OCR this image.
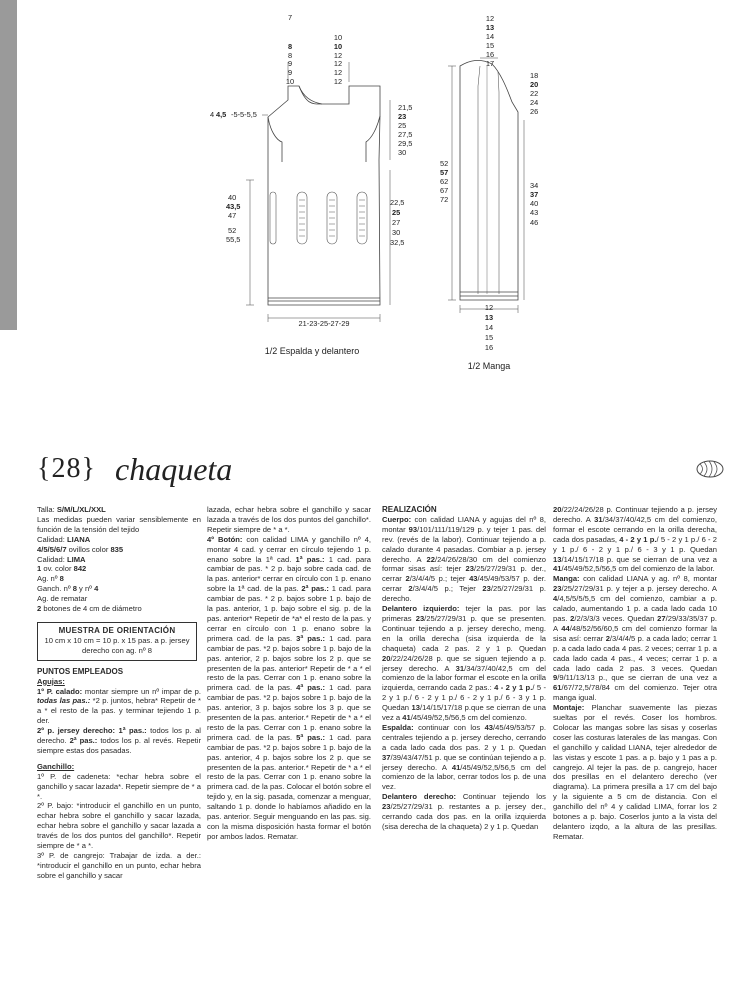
7
8
8
9
9
10
10
10
12
12
12
12
4 4,5 -5-5-5,5
21,5
23
25
27,5
29,5
30
40
43,5
47
52
55,5
22,5
25
27
30
32,5
21-23-25-27-29
1/2 Espalda y delantero
12
13
14
15
16
17
18
20
22
24
26
52
57
62
67
72
34
37
40
43
46
12
13
14
15
16
1/2 Manga
{28} chaqueta

Talla: S/M/L/XL/XXL

Las medidas pueden variar sensiblemente en función de la tensión del tejido

Calidad: LIANA

4/5/5/6/7 ovillos color 835

Calidad: LIMA

1 ov. color 842

Ag. nº 8

Ganch. nº 8 y nº 4

Ag. de rematar

2 botones de 4 cm de diámetro

MUESTRA DE ORIENTACIÓN

10 cm x 10 cm = 10 p. x 15 pas. a p. jersey derecho con ag. nº 8

PUNTOS EMPLEADOS

Agujas:

1º P. calado: montar siempre un nº impar de p. todas las pas.: *2 p. juntos, hebra* Repetir de * a * el resto de la pas. y terminar tejiendo 1 p. der.

2º p. jersey derecho: 1ª pas.: todos los p. al derecho. 2ª pas.: todos los p. al revés. Repetir siempre estas dos pasadas.

Ganchillo:

1º P. de cadeneta: *echar hebra sobre el ganchillo y sacar lazada*. Repetir siempre de * a *.

2º P. bajo: *introducir el ganchillo en un punto, echar hebra sobre el ganchillo y sacar lazada, echar hebra sobre el ganchillo y sacar lazada a través de los dos puntos del ganchillo*. Repetir siempre de * a *.

3º P. de cangrejo: Trabajar de izda. a der.: *introducir el ganchillo en un punto, echar hebra sobre el ganchillo y sacar

lazada, echar hebra sobre el ganchillo y sacar lazada a través de los dos puntos del ganchillo*. Repetir siempre de * a *.

4º Botón: con calidad LIMA y ganchillo nº 4, montar 4 cad. y cerrar en círculo tejiendo 1 p. enano sobre la 1ª cad. 1ª pas.: 1 cad. para cambiar de pas. * 2 p. bajo sobre cada cad. de la pas. anterior* cerrar en círculo con 1 p. enano sobre la 1ª cad. de la pas. 2ª pas.: 1 cad. para cambiar de pas. * 2 p. bajos sobre 1 p. bajo de la pas. anterior, 1 p. bajo sobre el sig. p. de la pas. anterior* Repetir de *a* el resto de la pas. y cerrar en círculo con 1 p. enano sobre la primera cad. de la pas. 3ª pas.: 1 cad. para cambiar de pas. *2 p. bajos sobre 1 p. bajo de la pas. anterior, 2 p. bajos sobre los 2 p. que se presenten de la pas. anterior* Repetir de * a * el resto de la pas. Cerrar con 1 p. enano sobre la primera cad. de la pas. 4ª pas.: 1 cad. para cambiar de pas. *2 p. bajos sobre 1 p. bajo de la pas. anterior, 3 p. bajos sobre los 3 p. que se presenten de la pas. anterior.* Repetir de * a * el resto de la pas. Cerrar con 1 p. enano sobre la primera cad. de la pas. 5ª pas.: 1 cad. para cambiar de pas. *2 p. bajos sobre 1 p. bajo de la pas. anterior, 4 p. bajos sobre los 2 p. que se presenten de la pas. anterior.* Repetir de * a * el resto de la pas. Cerrar con 1 p. enano sobre la primera cad. de la pas. Colocar el botón sobre el tejido y, en la sig. pasada, comenzar a menguar, saltando 1 p. donde lo habíamos añadido en la pas. anterior. Seguir menguando en las pas. sig. con la misma disposición hasta formar el botón por ambos lados. Rematar.

REALIZACIÓN

Cuerpo: con calidad LIANA y agujas del nº 8, montar 93/101/111/119/129 p. y tejer 1 pas. del rev. (revés de la labor). Continuar tejiendo a p. calado durante 4 pasadas. Combiar a p. jersey derecho. A 22/24/26/28/30 cm del comienzo formar sisas así: tejer 23/25/27/29/31 p. der., cerrar 2/3/4/4/5 p.; tejer 43/45/49/53/57 p. der. cerrar 2/3/4/4/5 p.; Tejer 23/25/27/29/31 p. derecho.

Delantero izquierdo: tejer la pas. por las primeras 23/25/27/29/31 p. que se presenten. Continuar tejiendo a p. jersey derecho, meng. en la orilla derecha (sisa izquierda de la chaqueta) cada 2 pas. 2 y 1 p. Quedan 20/22/24/26/28 p. que se siguen tejiendo a p. jersey derecho. A 31/34/37/40/42,5 cm del comienzo de la labor formar el escote en la orilla izquierda, cerrando cada 2 pas.: 4 - 2 y 1 p./ 5 - 2 y 1 p./ 6 - 2 y 1 p./ 6 - 2 y 1 p./ 6 - 3 y 1 p. Quedan 13/14/15/17/18 p.que se cierran de una vez a 41/45/49/52,5/56,5 cm del comienzo.

Espalda: continuar con los 43/45/49/53/57 p. centrales tejiendo a p. jersey derecho, cerrando a cada lado cada dos pas. 2 y 1 p. Quedan 37/39/43/47/51 p. que se continúan tejiendo a p. jersey derecho. A 41/45/49/52,5/56,5 cm del comienzo de la labor, cerrar todos los p. de una vez.

Delantero derecho: Continuar tejiendo los 23/25/27/29/31 p. restantes a p. jersey der., cerrando cada dos pas. en la orilla izquierda (sisa derecha de la chaqueta) 2 y 1 p. Quedan

20/22/24/26/28 p. Continuar tejiendo a p. jersey derecho. A 31/34/37/40/42,5 cm del comienzo, formar el escote cerrando en la orilla derecha, cada dos pasadas, 4 - 2 y 1 p./ 5 - 2 y 1 p./ 6 - 2 y 1 p./ 6 - 2 y 1 p./ 6 - 3 y 1 p. Quedan 13/14/15/17/18 p. que se cierran de una vez a 41/45/49/52,5/56,5 cm del comienzo de la labor.

Manga: con calidad LIANA y ag. nº 8, montar 23/25/27/29/31 p. y tejer a p. jersey derecho. A 4/4,5/5/5/5,5 cm del comienzo, cambiar a p. calado, aumentando 1 p. a cada lado cada 10 pas. 2/2/3/3/3 veces. Quedan 27/29/33/35/37 p. A 44/48/52/56/60,5 cm del comienzo formar la sisa así: cerrar 2/3/4/4/5 p. a cada lado; cerrar 1 p. a cada lado cada 4 pas. 2 veces; cerrar 1 p. a cada lado cada 4 pas., 4 veces; cerrar 1 p. a cada lado cada 2 pas. 3 veces. Quedan 9/9/11/13/13 p., que se cierran de una vez a 61/67/72,5/78/84 cm del comienzo. Tejer otra manga igual.

Montaje: Planchar suavemente las piezas sueltas por el revés. Coser los hombros. Colocar las mangas sobre las sisas y coserlas coser las costuras laterales de las mangas. Con el ganchillo y calidad LIANA, tejer alrededor de las vistas y escote 1 pas. a p. bajo y 1 pas a p. cangrejo. Al tejer la pas. de p. cangrejo, hacer dos presillas en el delantero derecho (ver diagrama). La primera presilla a 17 cm del bajo y la siguiente a 5 cm de distancia. Con el ganchillo del nº 4 y calidad LIMA, forrar los 2 botones a p. bajo. Coserlos junto a la vista del delantero izqdo, a la altura de las presillas. Rematar.
